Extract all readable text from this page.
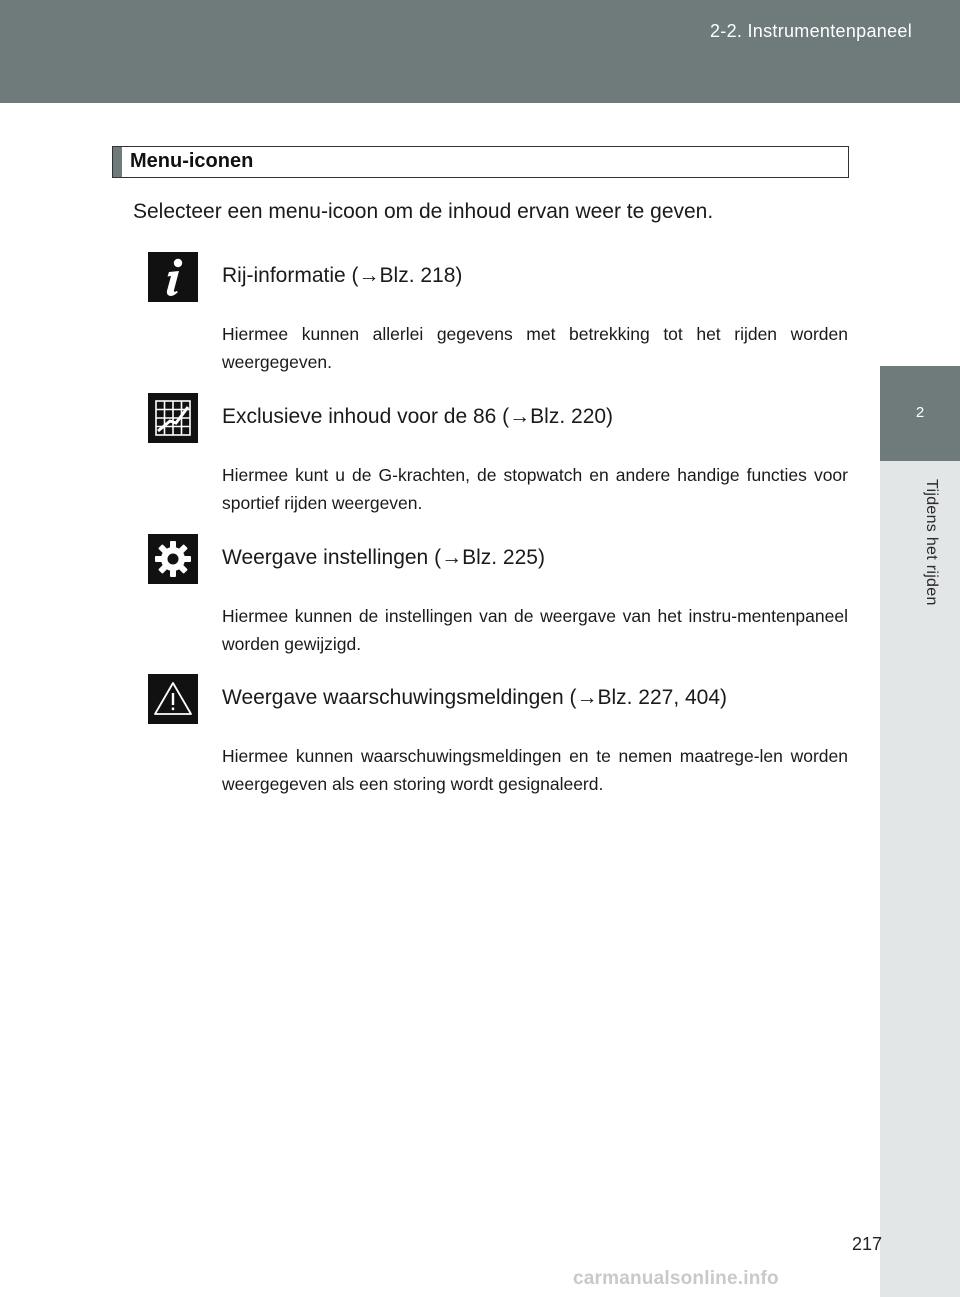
2-2. Instrumentenpaneel
2
Tijdens het rijden
Menu-iconen
Selecteer een menu-icoon om de inhoud ervan weer te geven.
Rij-informatie (→Blz. 218)
Hiermee kunnen allerlei gegevens met betrekking tot het rijden worden weergegeven.
Exclusieve inhoud voor de 86 (→Blz. 220)
Hiermee kunt u de G-krachten, de stopwatch en andere handige functies voor sportief rijden weergeven.
Weergave instellingen (→Blz. 225)
Hiermee kunnen de instellingen van de weergave van het instru-mentenpaneel worden gewijzigd.
Weergave waarschuwingsmeldingen (→Blz. 227, 404)
Hiermee kunnen waarschuwingsmeldingen en te nemen maatrege-len worden weergegeven als een storing wordt gesignaleerd.
217
carmanualsonline.info
